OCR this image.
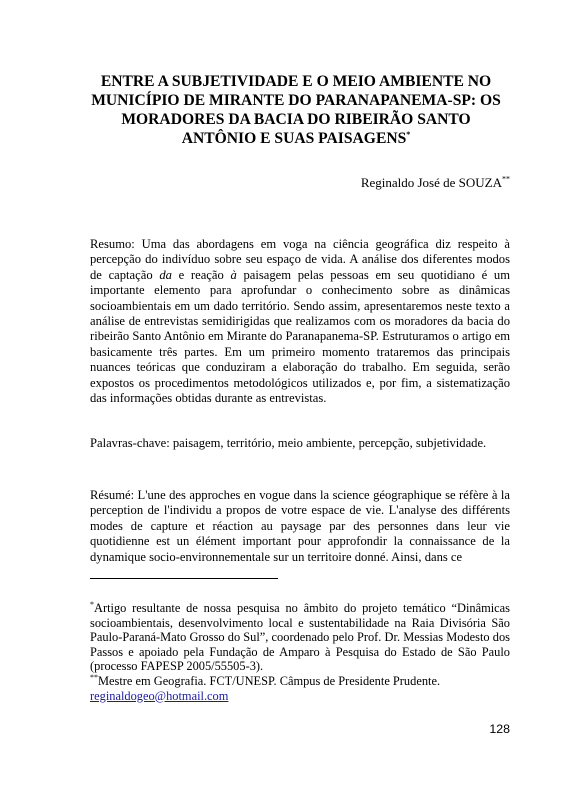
ENTRE A SUBJETIVIDADE E O MEIO AMBIENTE NO MUNICÍPIO DE MIRANTE DO PARANAPANEMA-SP: OS MORADORES DA BACIA DO RIBEIRÃO SANTO ANTÔNIO E SUAS PAISAGENS*
Reginaldo José de SOUZA**

Resumo: Uma das abordagens em voga na ciência geográfica diz respeito à percepção do indivíduo sobre seu espaço de vida. A análise dos diferentes modos de captação da e reação à paisagem pelas pessoas em seu quotidiano é um importante elemento para aprofundar o conhecimento sobre as dinâmicas socioambientais em um dado território. Sendo assim, apresentaremos neste texto a análise de entrevistas semidirigidas que realizamos com os moradores da bacia do ribeirão Santo Antônio em Mirante do Paranapanema-SP. Estruturamos o artigo em basicamente três partes. Em um primeiro momento trataremos das principais nuances teóricas que conduziram a elaboração do trabalho. Em seguida, serão expostos os procedimentos metodológicos utilizados e, por fim, a sistematização das informações obtidas durante as entrevistas.

Palavras-chave: paisagem, território, meio ambiente, percepção, subjetividade.

Résumé: L'une des approches en vogue dans la science géographique se réfère à la perception de l'individu a propos de votre espace de vie. L'analyse des différents modes de capture et réaction au paysage par des personnes dans leur vie quotidienne est un élément important pour approfondir la connaissance de la dynamique socio-environnementale sur un territoire donné. Ainsi, dans ce

*Artigo resultante de nossa pesquisa no âmbito do projeto temático “Dinâmicas socioambientais, desenvolvimento local e sustentabilidade na Raia Divisória São Paulo-Paraná-Mato Grosso do Sul”, coordenado pelo Prof. Dr. Messias Modesto dos Passos e apoiado pela Fundação de Amparo à Pesquisa do Estado de São Paulo (processo FAPESP 2005/55505-3).

**Mestre em Geografia. FCT/UNESP. Câmpus de Presidente Prudente.
reginaldogeo@hotmail.com

128
